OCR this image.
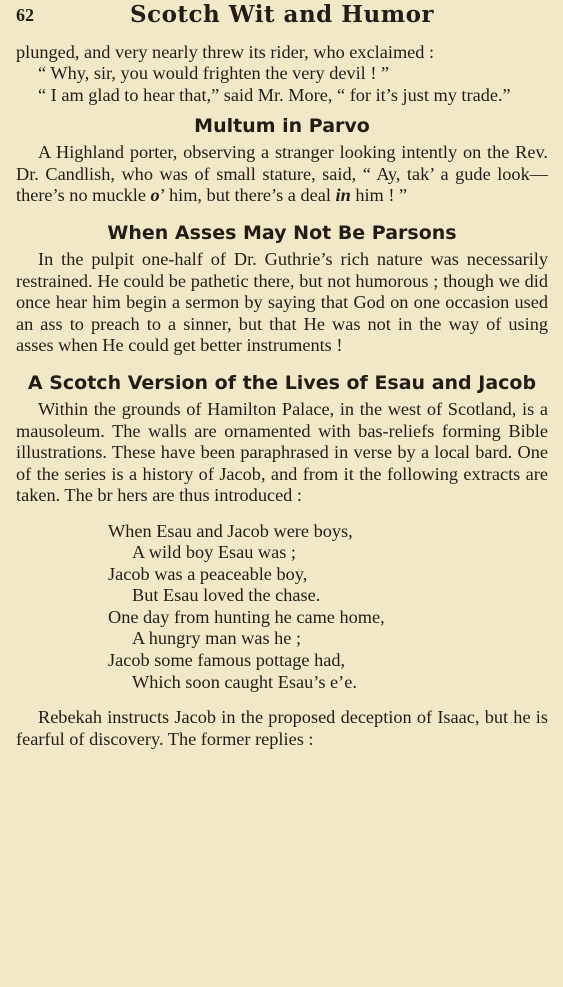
62	Scotch Wit and Humor

plunged, and very nearly threw its rider, who exclaimed :

“ Why, sir, you would frighten the very devil ! ”

“ I am glad to hear that,” said Mr. More, “ for it’s just my trade.”

Multum in Parvo

A Highland porter, observing a stranger looking intently on the Rev. Dr. Candlish, who was of small stature, said, “ Ay, tak’ a gude look—there’s no muckle o’ him, but there’s a deal in him ! ”

When Asses May Not Be Parsons

In the pulpit one-half of Dr. Guthrie’s rich nature was necessarily restrained. He could be pathetic there, but not humorous ; though we did once hear him begin a sermon by saying that God on one occasion used an ass to preach to a sinner, but that He was not in the way of using asses when He could get better instruments !

A Scotch Version of the Lives of Esau and Jacob

Within the grounds of Hamilton Palace, in the west of Scotland, is a mausoleum. The walls are ornamented with bas-reliefs forming Bible illustrations. These have been paraphrased in verse by a local bard. One of the series is a history of Jacob, and from it the following extracts are taken. The br hers are thus introduced :

When Esau and Jacob were boys,
A wild boy Esau was ;
Jacob was a peaceable boy,
But Esau loved the chase.
One day from hunting he came home,
A hungry man was he ;
Jacob some famous pottage had,
Which soon caught Esau’s e’e.

Rebekah instructs Jacob in the proposed deception of Isaac, but he is fearful of discovery. The former replies :
